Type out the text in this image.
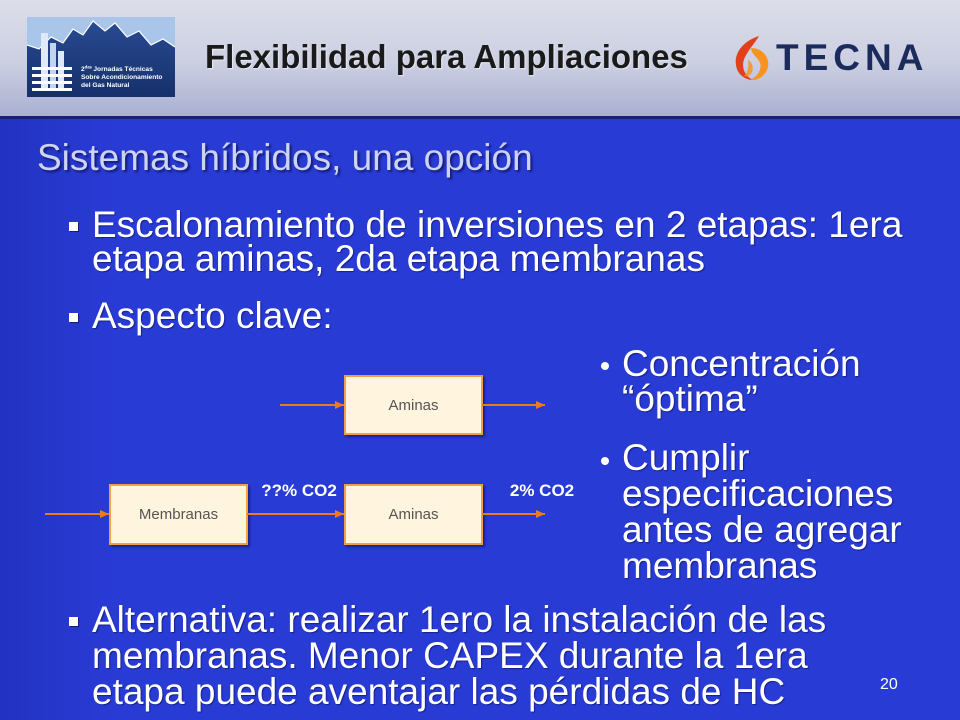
$2^{das}$ Jornadas Técnicas
Sobre Acondicionamiento
del Gas Natural
Flexibilidad para Ampliaciones TECNA
Sistemas híbridos, una opción
Escalonamiento de inversiones en 2 etapas: 1era
etapa aminas, 2da etapa membranas
Aspecto clave:
Concentración
“óptima”
Cumplir
especificaciones
antes de agregar
membranas
Aminas
Membranas
??% CO2
Aminas
2% CO2
Alternativa: realizar 1ero la instalación de las
membranas. Menor CAPEX durante la 1era
etapa puede aventajar las pérdidas de HC	20
